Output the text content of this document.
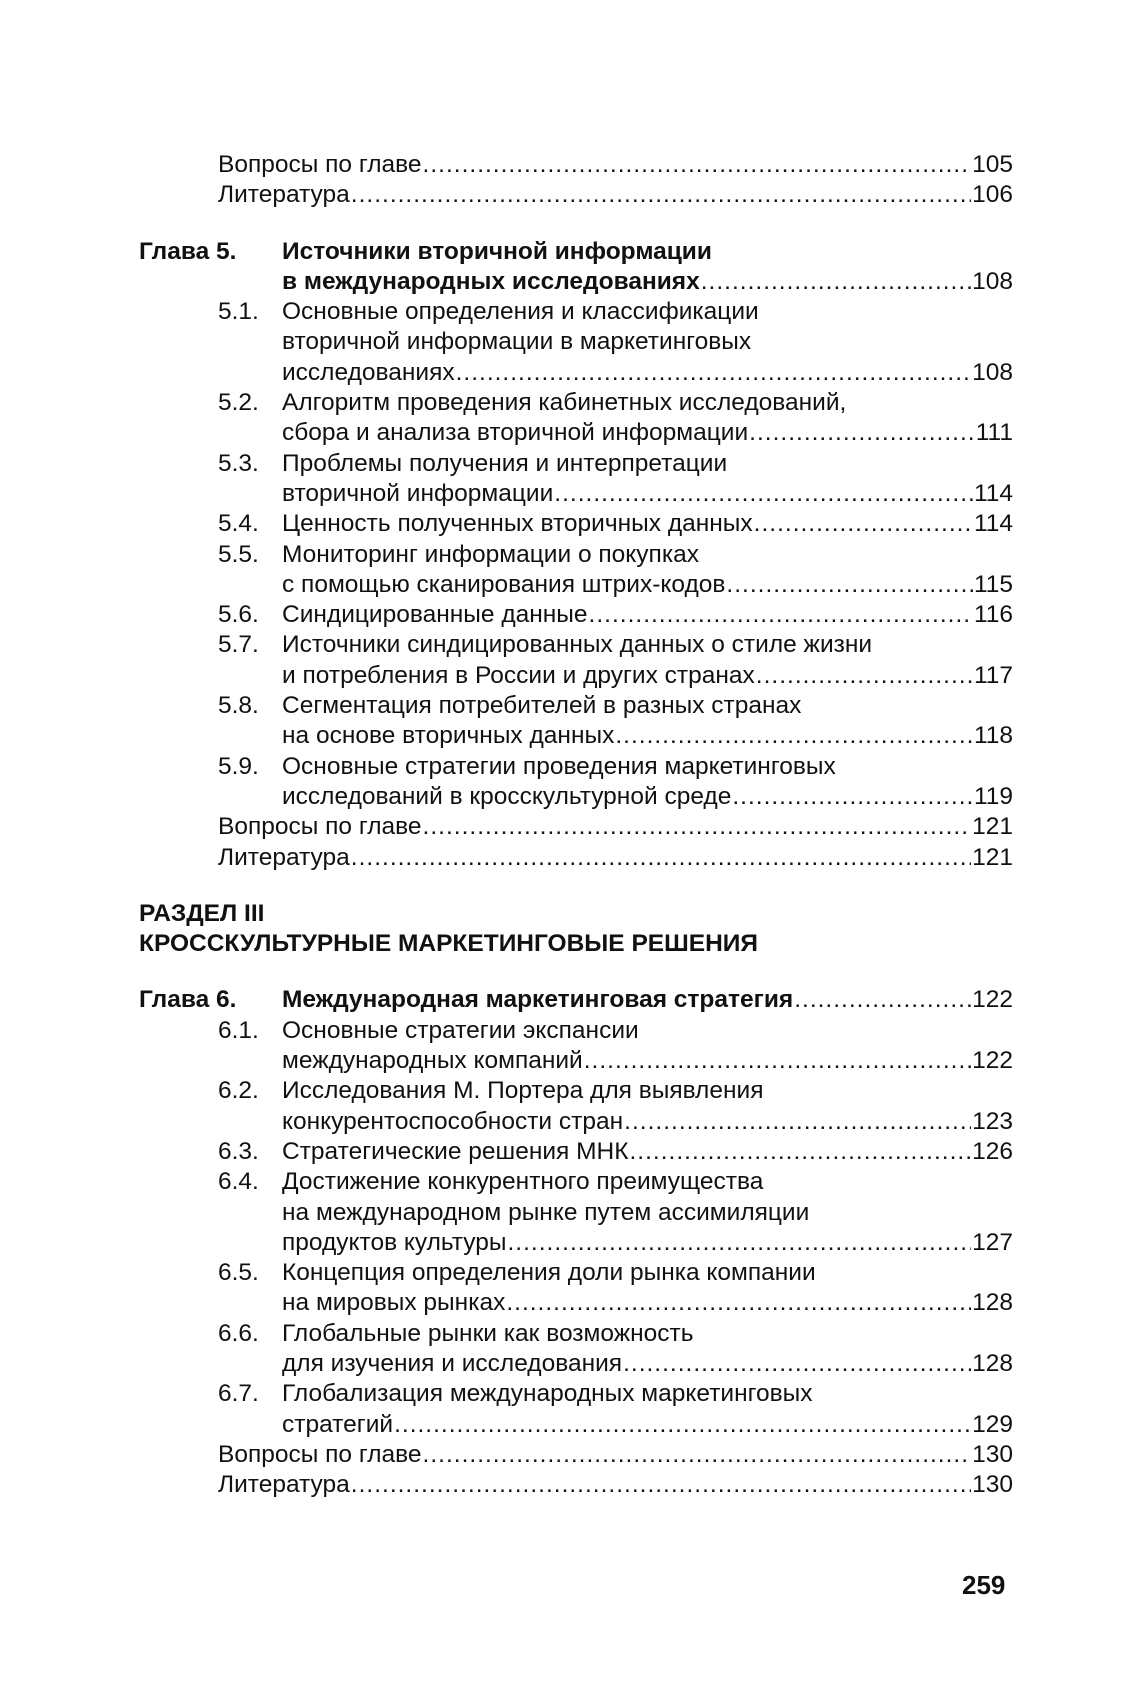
Вопросы по главе .....	105
Литература .....	106
Глава 5.	Источники вторичной информации
в международных исследованиях .....	108
5.1. Основные определения и классификации
вторичной информации в маркетинговых
исследованиях .....	108
5.2. Алгоритм проведения кабинетных исследований,
сбора и анализа вторичной информации .....	111
5.3. Проблемы получения и интерпретации
вторичной информации .....	114
5.4. Ценность полученных вторичных данных .....	114
5.5. Мониторинг информации о покупках
с помощью сканирования штрих-кодов .....	115
5.6. Синдицированные данные .....	116
5.7. Источники синдицированных данных о стиле жизни
и потребления в России и других странах .....	117
5.8. Сегментация потребителей в разных странах
на основе вторичных данных .....	118
5.9. Основные стратегии проведения маркетинговых
исследований в кросскультурной среде .....	119
Вопросы по главе .....	121
Литература .....	121
РАЗДЕЛ III
КРОССКУЛЬТУРНЫЕ МАРКЕТИНГОВЫЕ РЕШЕНИЯ
Глава 6.	Международная маркетинговая стратегия .....	122
6.1. Основные стратегии экспансии
международных компаний .....	122
6.2. Исследования М. Портера для выявления
конкурентоспособности стран .....	123
6.3. Стратегические решения МНК .....	126
6.4. Достижение конкурентного преимущества
на международном рынке путем ассимиляции
продуктов культуры .....	127
6.5. Концепция определения доли рынка компании
на мировых рынках .....	128
6.6. Глобальные рынки как возможность
для изучения и исследования .....	128
6.7. Глобализация международных маркетинговых
стратегий .....	129
Вопросы по главе .....	130
Литература .....	130
259
